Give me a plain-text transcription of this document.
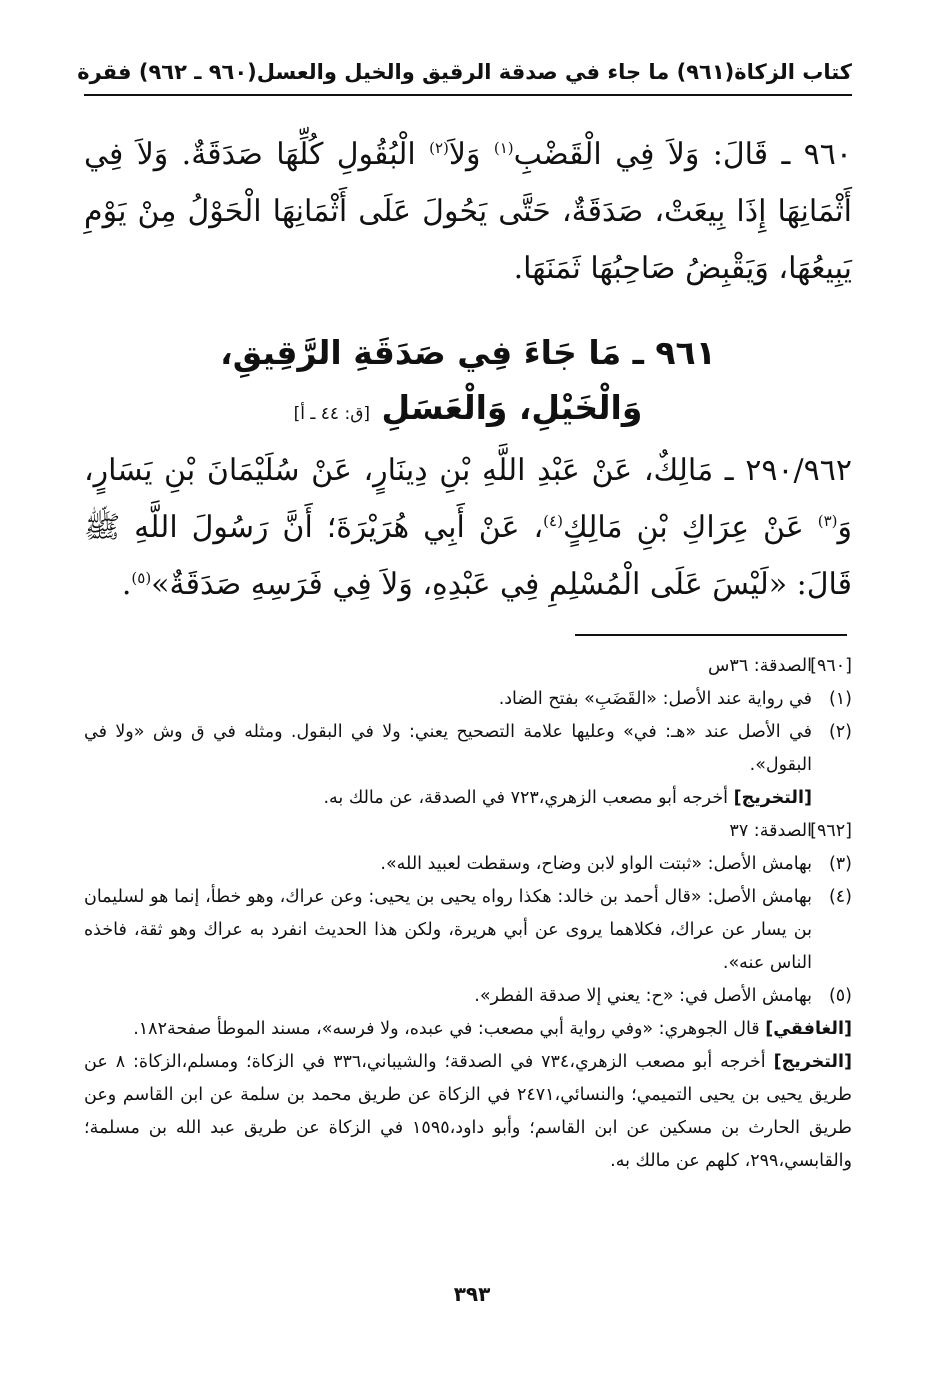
كتاب الزكاة
(٩٦١) ما جاء في صدقة الرقيق والخيل والعسل
(٩٦٠ ـ ٩٦٢) فقرة
٩٦٠ ـ قَالَ: وَلاَ فِي الْقَضْبِ$^{(١)}$ وَلاَ$^{(٢)}$ الْبُقُولِ كُلِّهَا صَدَقَةٌ. وَلاَ فِي أَثْمَانِهَا إِذَا بِيعَتْ، صَدَقَةٌ، حَتَّى يَحُولَ عَلَى أَثْمَانِهَا الْحَوْلُ مِنْ يَوْمِ يَبِيعُهَا، وَيَقْبِضُ صَاحِبُهَا ثَمَنَهَا.
٩٦١ ـ مَا جَاءَ فِي صَدَقَةِ الرَّقِيقِ،
وَالْخَيْلِ، وَالْعَسَلِ [ق: ٤٤ ـ أ]
٢٩٠/٩٦٢ ـ مَالِكٌ، عَنْ عَبْدِ اللَّهِ بْنِ دِينَارٍ، عَنْ سُلَيْمَانَ بْنِ يَسَارٍ، وَ$^{(٣)}$ عَنْ عِرَاكِ بْنِ مَالِكٍ$^{(٤)}$، عَنْ أَبِي هُرَيْرَةَ؛ أَنَّ رَسُولَ اللَّهِ ﷺ قَالَ: «لَيْسَ عَلَى الْمُسْلِمِ فِي عَبْدِهِ، وَلاَ فِي فَرَسِهِ صَدَقَةٌ»$^{(٥)}$.
[٩٦٠]
الصدقة: ٣٦س
(١)
في رواية عند الأصل: «القَضَبِ» بفتح الضاد.
(٢)
في الأصل عند «هـ: في» وعليها علامة التصحيح يعني: ولا في البقول. ومثله في ق وش «ولا في البقول».
[التخريج] أخرجه أبو مصعب الزهري،٧٢٣ في الصدقة، عن مالك به.
[٩٦٢]
الصدقة: ٣٧
(٣)
بهامش الأصل: «ثبتت الواو لابن وضاح، وسقطت لعبيد الله».
(٤)
بهامش الأصل: «قال أحمد بن خالد: هكذا رواه يحيى بن يحيى: وعن عراك، وهو خطأ، إنما هو لسليمان بن يسار عن عراك، فكلاهما يروى عن أبي هريرة، ولكن هذا الحديث انفرد به عراك وهو ثقة، فاخذه الناس عنه».
(٥)
بهامش الأصل في: «ح: يعني إلا صدقة الفطر».
[الغافقي] قال الجوهري: «وفي رواية أبي مصعب: في عبده، ولا فرسه»، مسند الموطأ صفحة١٨٢.
[التخريج] أخرجه أبو مصعب الزهري،٧٣٤ في الصدقة؛ والشيباني،٣٣٦ في الزكاة؛ ومسلم،الزكاة: ٨ عن طريق يحيى بن يحيى التميمي؛ والنسائي،٢٤٧١ في الزكاة عن طريق محمد بن سلمة عن ابن القاسم وعن طريق الحارث بن مسكين عن ابن القاسم؛ وأبو داود،١٥٩٥ في الزكاة عن طريق عبد الله بن مسلمة؛ والقابسي،٢٩٩، كلهم عن مالك به.
٣٩٣
